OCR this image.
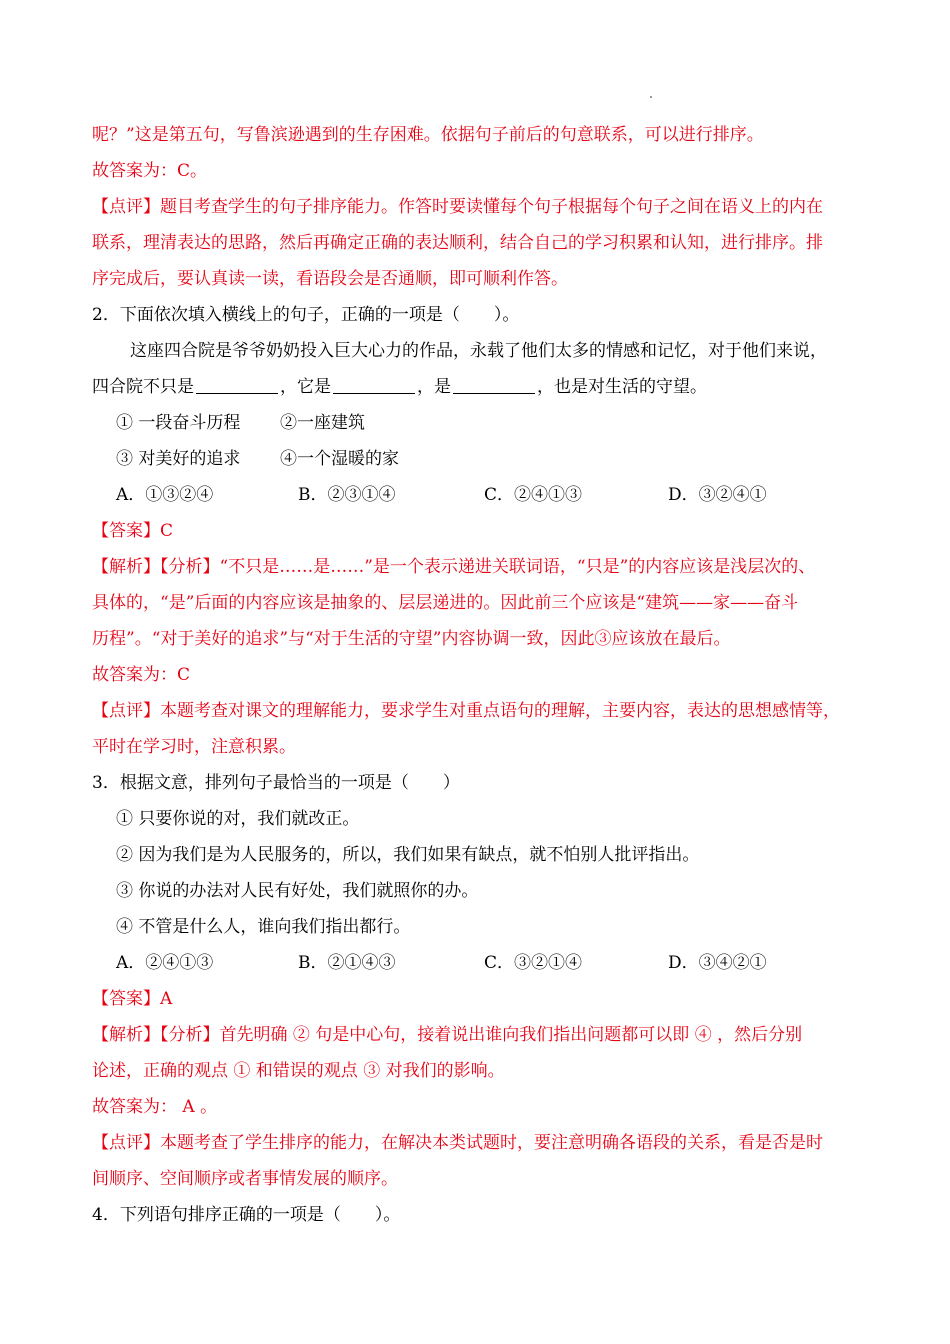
呢？”这是第五句，写鲁滨逊遇到的生存困难。依据句子前后的句意联系，可以进行排序。
故答案为：C。
【点评】题目考查学生的句子排序能力。作答时要读懂每个句子根据每个句子之间在语义上的内在
联系，理清表达的思路，然后再确定正确的表达顺利，结合自己的学习积累和认知，进行排序。排
序完成后，要认真读一读，看语段会是否通顺，即可顺利作答。
2．下面依次填入横线上的句子，正确的一项是（　　）。
这座四合院是爷爷奶奶投入巨大心力的作品，永载了他们太多的情感和记忆，对于他们来说，
四合院不只是	，它是	，是	，也是对生活的守望。
① 一段奋斗历程 ②一座建筑
③ 对美好的追求 ④一个湿暖的家
A．①③②④	B．②③①④	C．②④①③	D．③②④①
【答案】C
【解析】【分析】“不只是……是……”是一个表示递进关联词语，“只是”的内容应该是浅层次的、
具体的，“是”后面的内容应该是抽象的、层层递进的。因此前三个应该是“建筑——家——奋斗
历程”。“对于美好的追求”与“对于生活的守望”内容协调一致，因此③应该放在最后。
故答案为：C
【点评】本题考查对课文的理解能力，要求学生对重点语句的理解，主要内容，表达的思想感情等，
平时在学习时，注意积累。
3．根据文意，排列句子最恰当的一项是（　　）
① 只要你说的对，我们就改正。
② 因为我们是为人民服务的，所以，我们如果有缺点，就不怕别人批评指出。
③ 你说的办法对人民有好处，我们就照你的办。
④ 不管是什么人，谁向我们指出都行。
A．②④①③	B．②①④③	C．③②①④	D．③④②①
【答案】A
【解析】【分析】首先明确 ② 句是中心句，接着说出谁向我们指出问题都可以即 ④ ，然后分别
论述，正确的观点 ① 和错误的观点 ③ 对我们的影响。
故答案为： A 。
【点评】本题考查了学生排序的能力，在解决本类试题时，要注意明确各语段的关系，看是否是时
间顺序、空间顺序或者事情发展的顺序。
4．下列语句排序正确的一项是（　　）。
